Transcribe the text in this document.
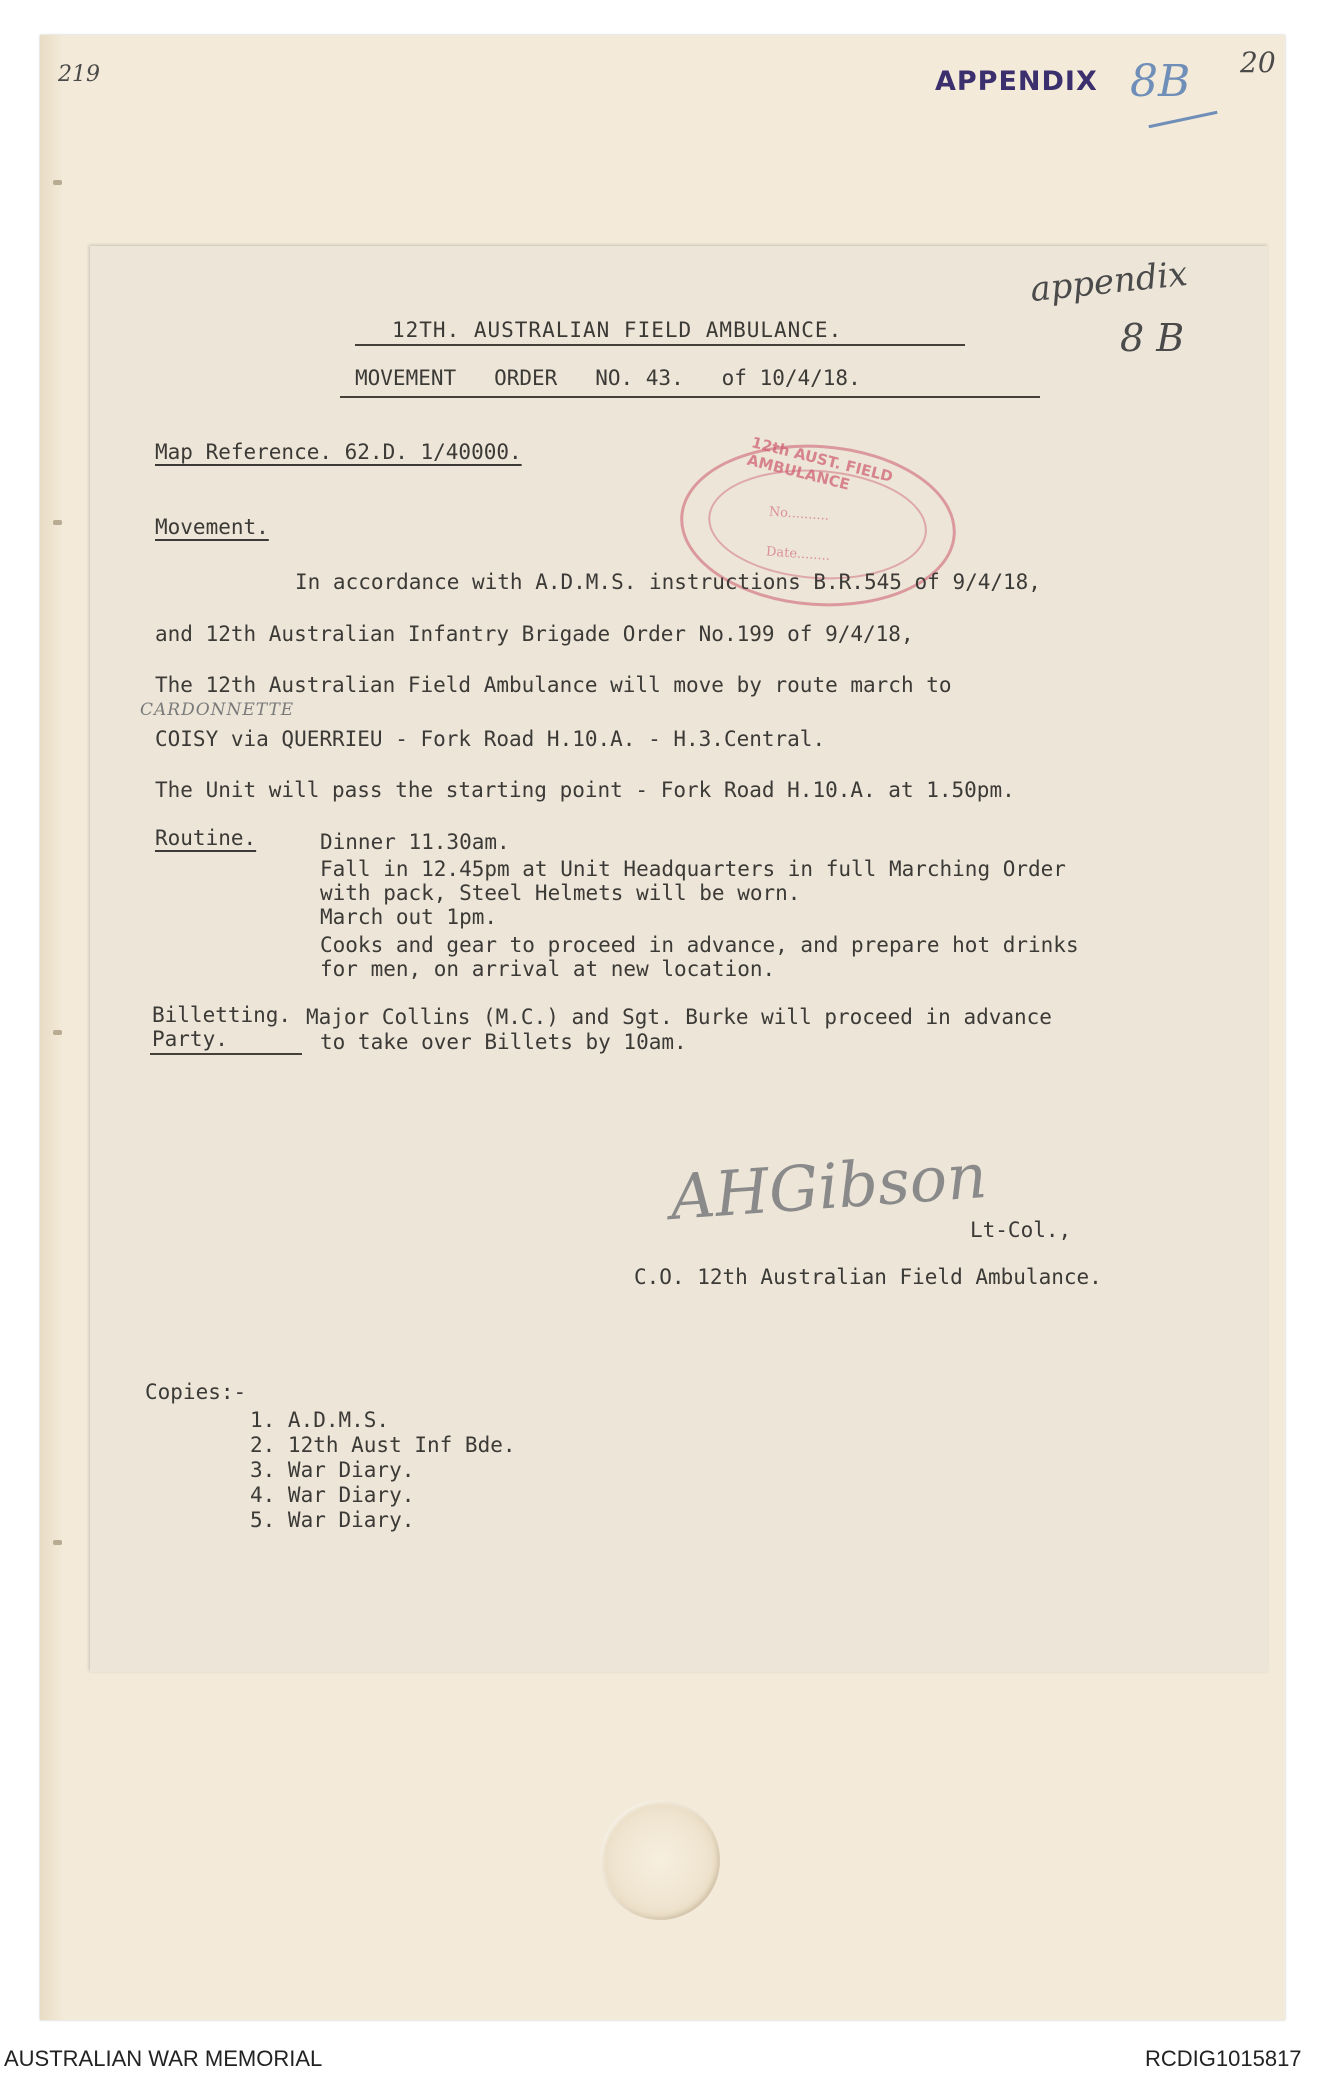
219	20
APPENDIX 8B
appendix
8 B
12TH. AUSTRALIAN FIELD AMBULANCE.
MOVEMENT   ORDER   NO. 43.   of 10/4/18.
Map Reference. 62.D. 1/40000.	12th AUST. FIELD AMBULANCE
No..........
Date........
Movement.
In accordance with A.D.M.S. instructions B.R.545 of 9/4/18,
and 12th Australian Infantry Brigade Order No.199 of 9/4/18,
The 12th Australian Field Ambulance will move by route march to
CARDONNETTE
COISY via QUERRIEU - Fork Road H.10.A. - H.3.Central.
The Unit will pass the starting point - Fork Road H.10.A. at 1.50pm.
Routine.	Dinner 11.30am.
Fall in 12.45pm at Unit Headquarters in full Marching Order
with pack, Steel Helmets will be worn.
March out 1pm.
Cooks and gear to proceed in advance, and prepare hot drinks
for men, on arrival at new location.
Billetting.
Party.
Major Collins (M.C.) and Sgt. Burke will proceed in advance
to take over Billets by 10am.
AHGibson
Lt-Col.,
C.O. 12th Australian Field Ambulance.
Copies:-
1. A.D.M.S.
2. 12th Aust Inf Bde.
3. War Diary.
4. War Diary.
5. War Diary.
AUSTRALIAN WAR MEMORIAL	RCDIG1015817
